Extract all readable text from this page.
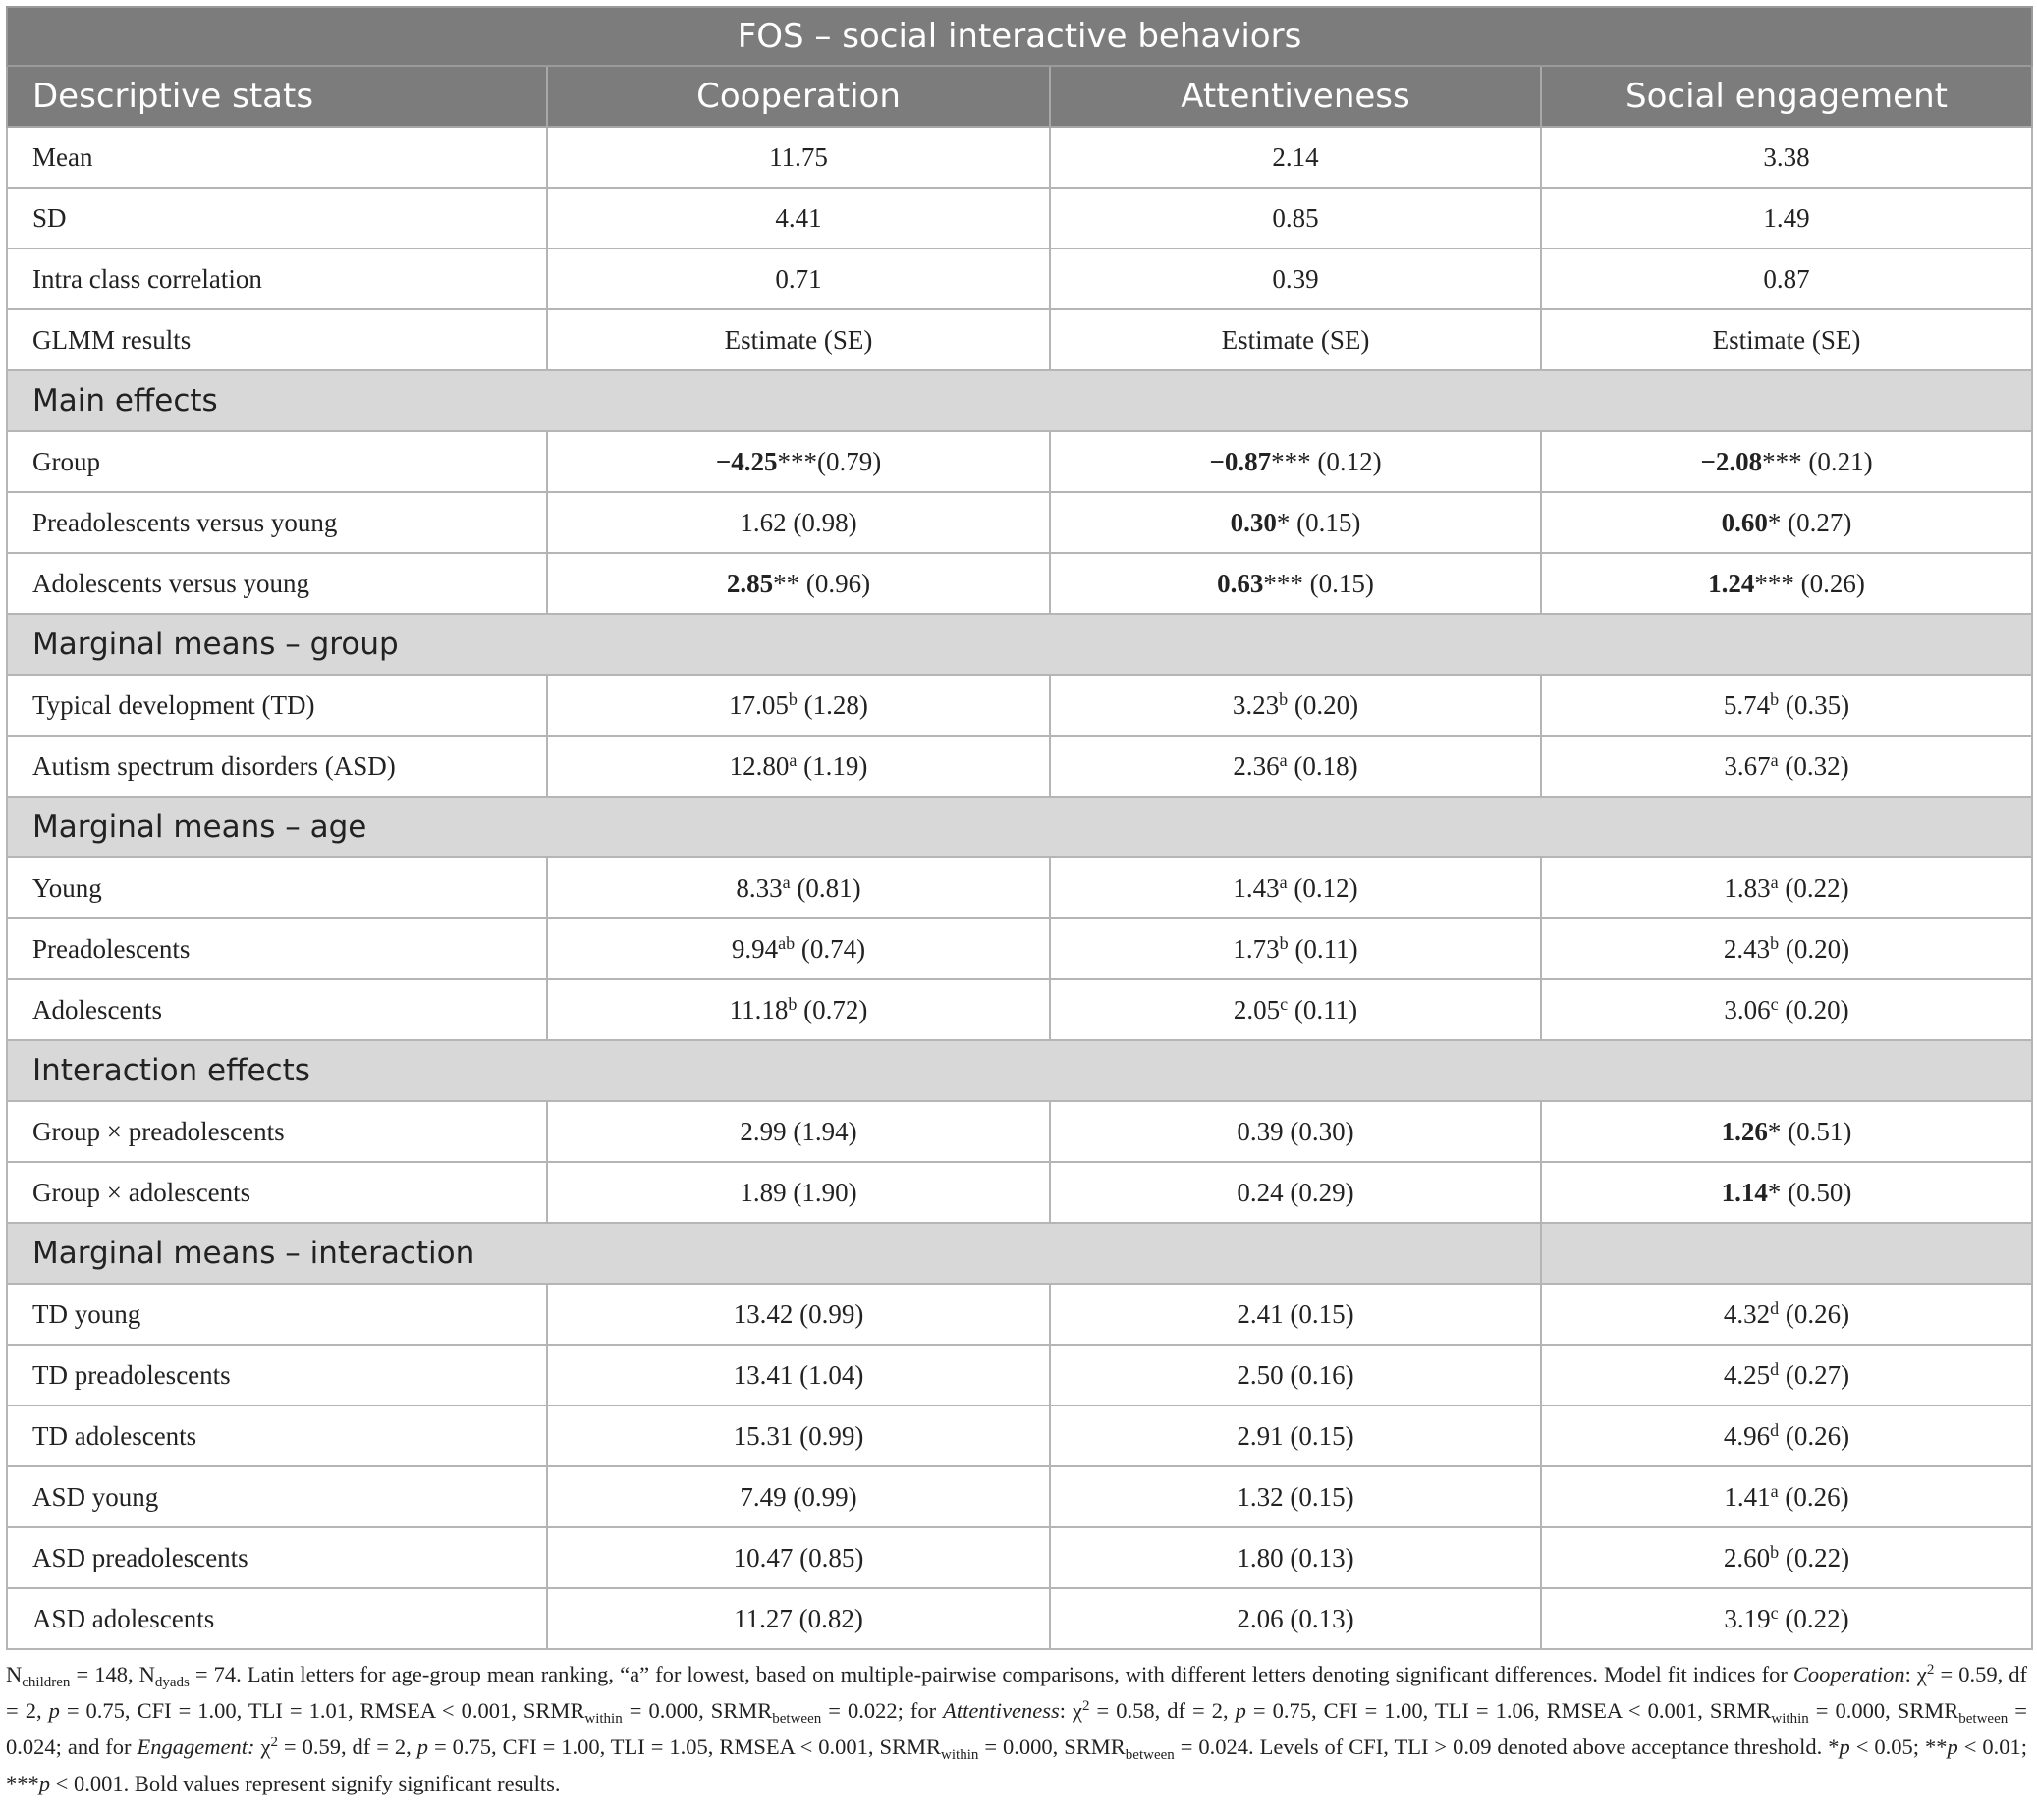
FOS – social interactive behaviors			
Descriptive stats	Cooperation	Attentiveness	Social engagement
Mean	11.75	2.14	3.38
SD	4.41	0.85	1.49
Intra class correlation	0.71	0.39	0.87
GLMM results	Estimate (SE)	Estimate (SE)	Estimate (SE)
Main effects			
Group	−4.25***(0.79)	−0.87*** (0.12)	−2.08*** (0.21)
Preadolescents versus young	1.62 (0.98)	0.30* (0.15)	0.60* (0.27)
Adolescents versus young	2.85** (0.96)	0.63*** (0.15)	1.24*** (0.26)
Marginal means – group			
Typical development (TD)	17.05$^b$ (1.28)	3.23$^b$ (0.20)	5.74$^b$ (0.35)
Autism spectrum disorders (ASD)	12.80$^a$ (1.19)	2.36$^a$ (0.18)	3.67$^a$ (0.32)
Marginal means – age			
Young	8.33$^a$ (0.81)	1.43$^a$ (0.12)	1.83$^a$ (0.22)
Preadolescents	9.94$^{ab}$ (0.74)	1.73$^b$ (0.11)	2.43$^b$ (0.20)
Adolescents	11.18$^b$ (0.72)	2.05$^c$ (0.11)	3.06$^c$ (0.20)
Interaction effects			
Group × preadolescents	2.99 (1.94)	0.39 (0.30)	1.26* (0.51)
Group × adolescents	1.89 (1.90)	0.24 (0.29)	1.14* (0.50)
Marginal means – interaction			
TD young	13.42 (0.99)	2.41 (0.15)	4.32$^d$ (0.26)
TD preadolescents	13.41 (1.04)	2.50 (0.16)	4.25$^d$ (0.27)
TD adolescents	15.31 (0.99)	2.91 (0.15)	4.96$^d$ (0.26)
ASD young	7.49 (0.99)	1.32 (0.15)	1.41$^a$ (0.26)
ASD preadolescents	10.47 (0.85)	1.80 (0.13)	2.60$^b$ (0.22)
ASD adolescents	11.27 (0.82)	2.06 (0.13)	3.19$^c$ (0.22)
$N_{children} = 148$, $N_{dyads} = 74$. Latin letters for age-group mean ranking, “a” for lowest, based on multiple-pairwise comparisons, with different letters denoting significant differences. Model fit indices for Cooperation: $\chi^2 = 0.59$, df = 2, p = 0.75, CFI = 1.00, TLI = 1.01, RMSEA < 0.001, $SRMR_{within} = 0.000$, $SRMR_{between} = 0.022$; for Attentiveness: $\chi^2 = 0.58$, df = 2, p = 0.75, CFI = 1.00, TLI = 1.06, RMSEA < 0.001, $SRMR_{within} = 0.000$, $SRMR_{between} = 0.024$; and for Engagement: $\chi^2 = 0.59$, df = 2, p = 0.75, CFI = 1.00, TLI = 1.05, RMSEA < 0.001, $SRMR_{within} = 0.000$, $SRMR_{between} = 0.024$. Levels of CFI, TLI > 0.09 denoted above acceptance threshold. *p < 0.05; **p < 0.01; ***p < 0.001. Bold values represent signify significant results.
